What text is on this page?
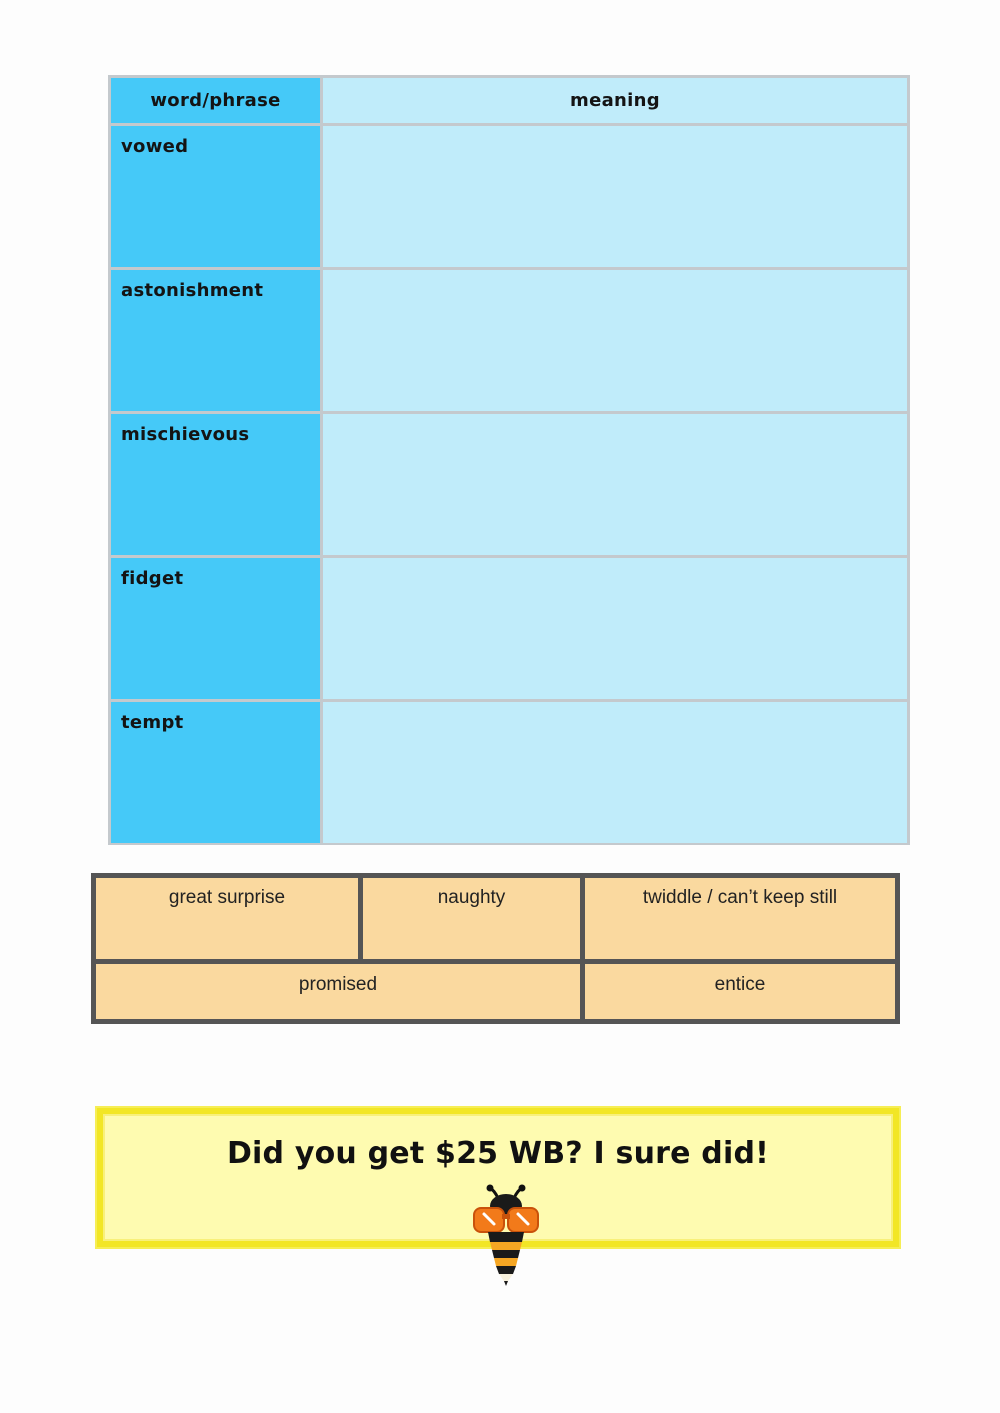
word/phrase	meaning
vowed
astonishment
mischievous
fidget
tempt
great surprise	naughty	twiddle / can’t keep still
promised	entice
Did you get $25 WB? I sure did!
